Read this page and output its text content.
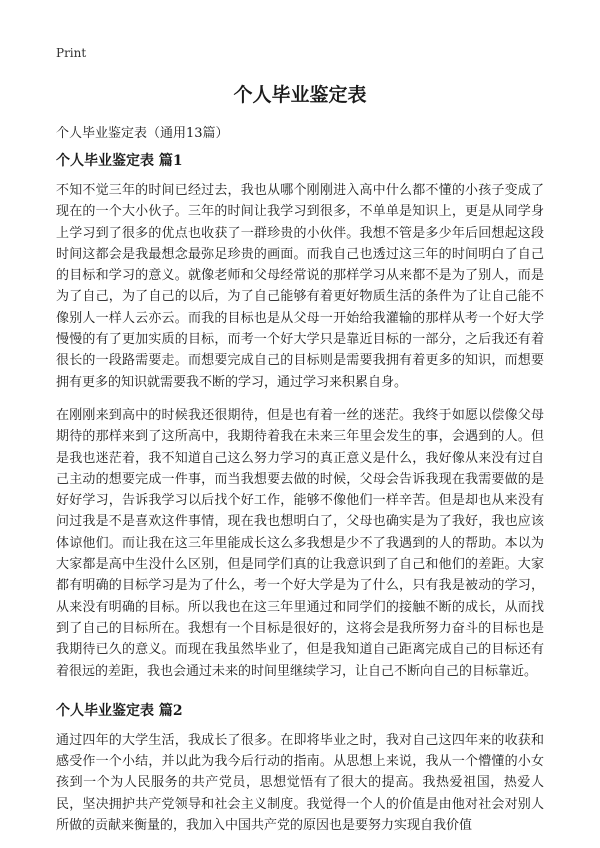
Print
个人毕业鉴定表
个人毕业鉴定表（通用13篇）
个人毕业鉴定表 篇1

不知不觉三年的时间已经过去，我也从哪个刚刚进入高中什么都不懂的小孩子变成了现在的一个大小伙子。三年的时间让我学习到很多，不单单是知识上，更是从同学身上学习到了很多的优点也收获了一群珍贵的小伙伴。我想不管是多少年后回想起这段时间这都会是我最想念最弥足珍贵的画面。而我自己也透过这三年的时间明白了自己的目标和学习的意义。就像老师和父母经常说的那样学习从来都不是为了别人，而是为了自己，为了自己的以后，为了自己能够有着更好物质生活的条件为了让自己能不像别人一样人云亦云。而我的目标也是从父母一开始给我灌输的那样从考一个好大学慢慢的有了更加实质的目标，而考一个好大学只是靠近目标的一部分，之后我还有着很长的一段路需要走。而想要完成自己的目标则是需要我拥有着更多的知识，而想要拥有更多的知识就需要我不断的学习，通过学习来积累自身。

在刚刚来到高中的时候我还很期待，但是也有着一丝的迷茫。我终于如愿以偿像父母期待的那样来到了这所高中，我期待着我在未来三年里会发生的事，会遇到的人。但是我也迷茫着，我不知道自己这么努力学习的真正意义是什么，我好像从来没有过自己主动的想要完成一件事，而当我想要去做的时候，父母会告诉我现在我需要做的是好好学习，告诉我学习以后找个好工作，能够不像他们一样辛苦。但是却也从来没有问过我是不是喜欢这件事情，现在我也想明白了，父母也确实是为了我好，我也应该体谅他们。而让我在这三年里能成长这么多我想是少不了我遇到的人的帮助。本以为大家都是高中生没什么区别，但是同学们真的让我意识到了自己和他们的差距。大家都有明确的目标学习是为了什么，考一个好大学是为了什么，只有我是被动的学习，从来没有明确的目标。所以我也在这三年里通过和同学们的接触不断的成长，从而找到了自己的目标所在。我想有一个目标是很好的，这将会是我所努力奋斗的目标也是我期待已久的意义。而现在我虽然毕业了，但是我知道自己距离完成自己的目标还有着很远的差距，我也会通过未来的时间里继续学习，让自己不断向自己的目标靠近。

个人毕业鉴定表 篇2

通过四年的大学生活，我成长了很多。在即将毕业之时，我对自己这四年来的收获和感受作一个小结，并以此为我今后行动的指南。从思想上来说，我从一个懵懂的小女孩到一个为人民服务的共产党员，思想觉悟有了很大的提高。我热爱祖国，热爱人民，坚决拥护共产党领导和社会主义制度。我觉得一个人的价值是由他对社会对别人所做的贡献来衡量的，我加入中国共产党的原因也是要努力实现自我价值
